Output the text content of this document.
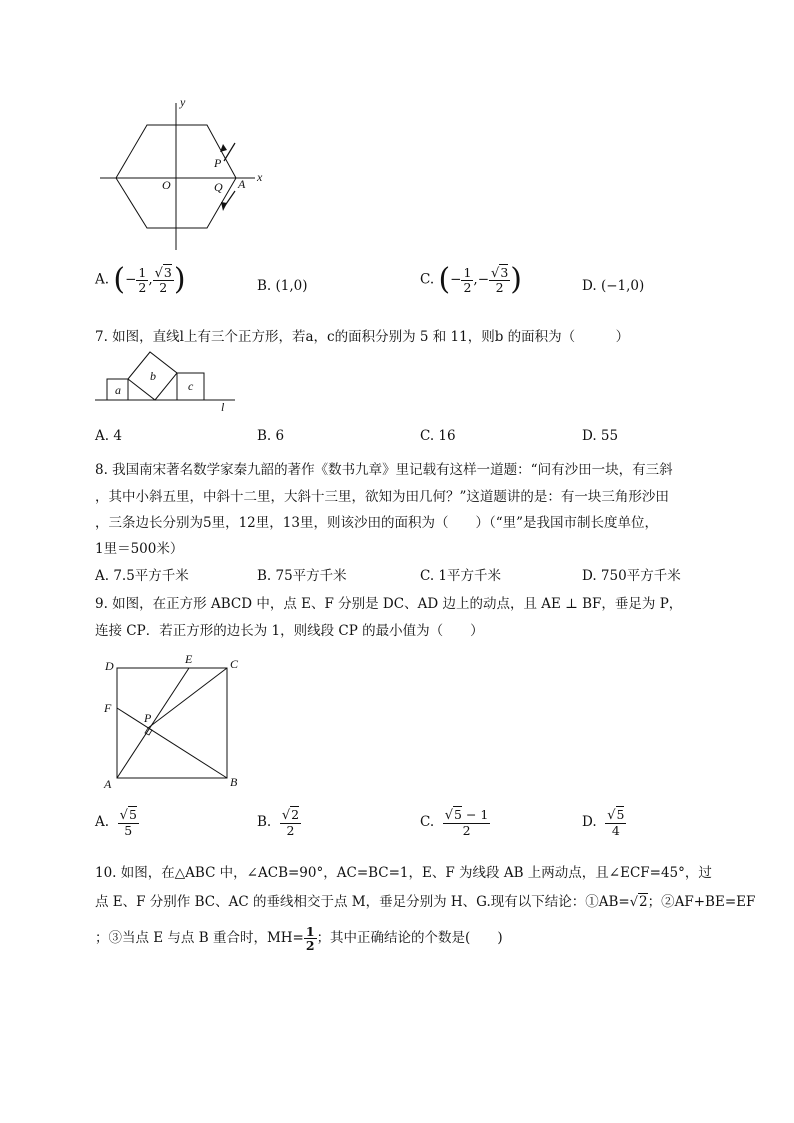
y
x
O
P
A
Q
A. (− $\frac{1}{2}$ , $\frac{√3}{2}$ )	B. (1,0)	C. (− $\frac{1}{2}$ ,− $\frac{√3}{2}$ )	D. (−1,0)
7. 如图，直线l上有三个正方形，若a，c的面积分别为 5 和 11，则b 的面积为（　　　）
a
b
c
l
A. 4	B. 6	C. 16	D. 55
8. 我国南宋著名数学家秦九韶的著作《数书九章》里记载有这样一道题：“问有沙田一块，有三斜
，其中小斜五里，中斜十二里，大斜十三里，欲知为田几何？”这道题讲的是：有一块三角形沙田
，三条边长分别为5里，12里，13里，则该沙田的面积为（　　）（“里”是我国市制长度单位，
1里＝500米）
A. 7.5平方千米	B. 75平方千米	C. 1平方千米	D. 750平方千米
9. 如图，在正方形 ABCD 中，点 E、F 分别是 DC、AD 边上的动点，且 AE ⊥ BF，垂足为 P，
连接 CP．若正方形的边长为 1，则线段 CP 的最小值为（　　）
D	E	C
F
P
A	B
A. $\frac{√5}{5}$	B. $\frac{√2}{2}$	C. $\frac{√5 - 1}{2}$	D. $\frac{√5}{4}$
10. 如图，在△ABC 中，∠ACB=90°，AC=BC=1，E、F 为线段 AB 上两动点，且∠ECF=45°，过
点 E、F 分别作 BC、AC 的垂线相交于点 M，垂足分别为 H、G.现有以下结论：①AB=√2；②AF+BE=EF
；③当点 E 与点 B 重合时，$MH= \frac{1}{2}$ ；其中正确结论的个数是(　　)
